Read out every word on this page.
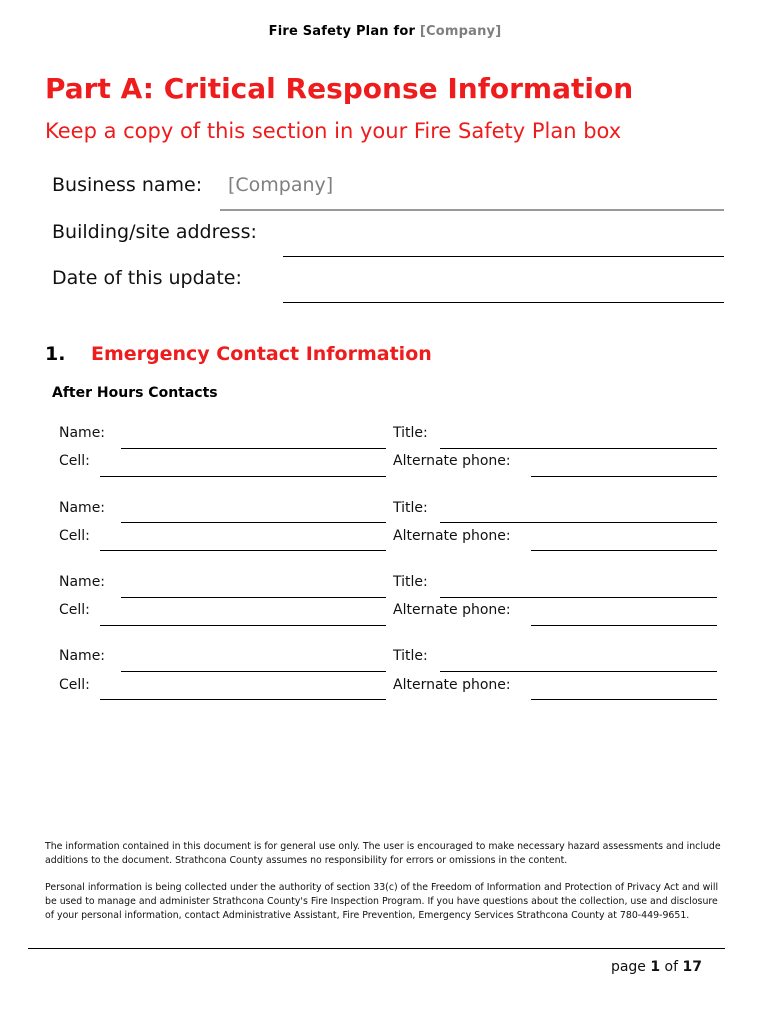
Fire Safety Plan for [Company]
Part A: Critical Response Information
Keep a copy of this section in your Fire Safety Plan box
Business name: [Company]
Building/site address:
Date of this update:
1. Emergency Contact Information
After Hours Contacts
Name:	Title:
Cell:	Alternate phone:
Name:	Title:
Cell:	Alternate phone:
Name:	Title:
Cell:	Alternate phone:
Name:	Title:
Cell:	Alternate phone:
The information contained in this document is for general use only. The user is encouraged to make necessary hazard assessments and include additions to the document. Strathcona County assumes no responsibility for errors or omissions in the content.
Personal information is being collected under the authority of section 33(c) of the Freedom of Information and Protection of Privacy Act and will be used to manage and administer Strathcona County's Fire Inspection Program. If you have questions about the collection, use and disclosure of your personal information, contact Administrative Assistant, Fire Prevention, Emergency Services Strathcona County at 780-449-9651.
page 1 of 17
